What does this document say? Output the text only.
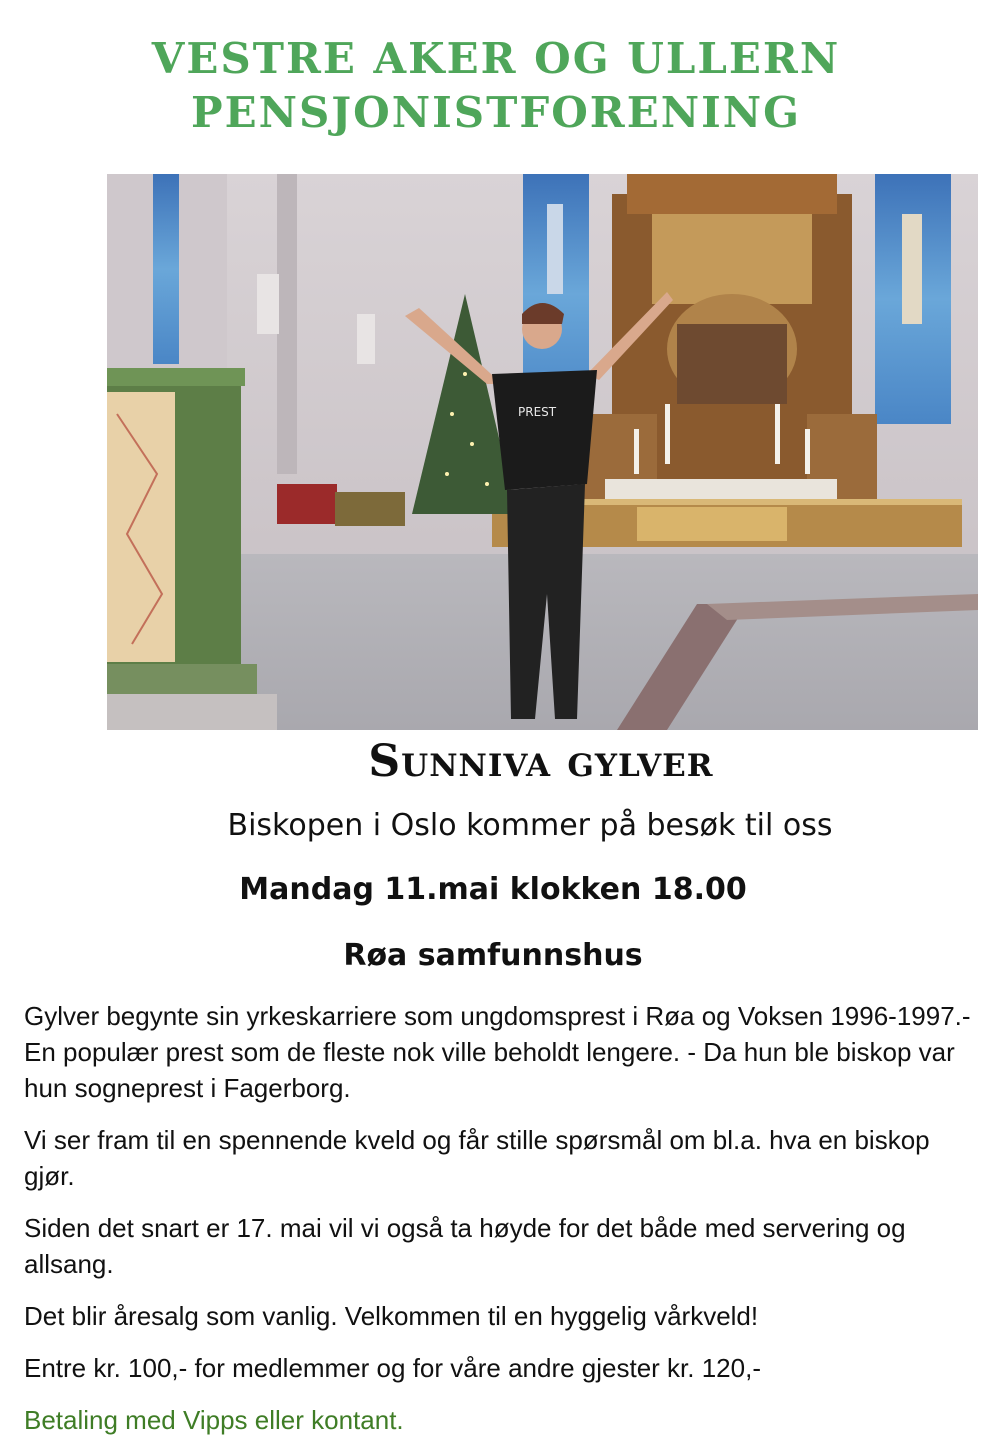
VESTRE AKER OG ULLERN
PENSJONISTFORENING
PREST
Sunniva gylver

Biskopen i Oslo kommer på besøk til oss

Mandag 11.mai klokken 18.00

Røa samfunnshus

Gylver begynte sin yrkeskarriere som ungdomsprest i Røa og Voksen 1996-1997.- En populær prest som de fleste nok ville beholdt lengere. - Da hun ble biskop var hun sogneprest i Fagerborg.

Vi ser fram til en spennende kveld og får stille spørsmål om bl.a. hva en biskop gjør.

Siden det snart er 17. mai vil vi også ta høyde for det både med servering og allsang.

Det blir åresalg som vanlig. Velkommen til en hyggelig vårkveld!

Entre kr. 100,- for medlemmer og for våre andre gjester kr. 120,-

Betaling med Vipps eller kontant.
